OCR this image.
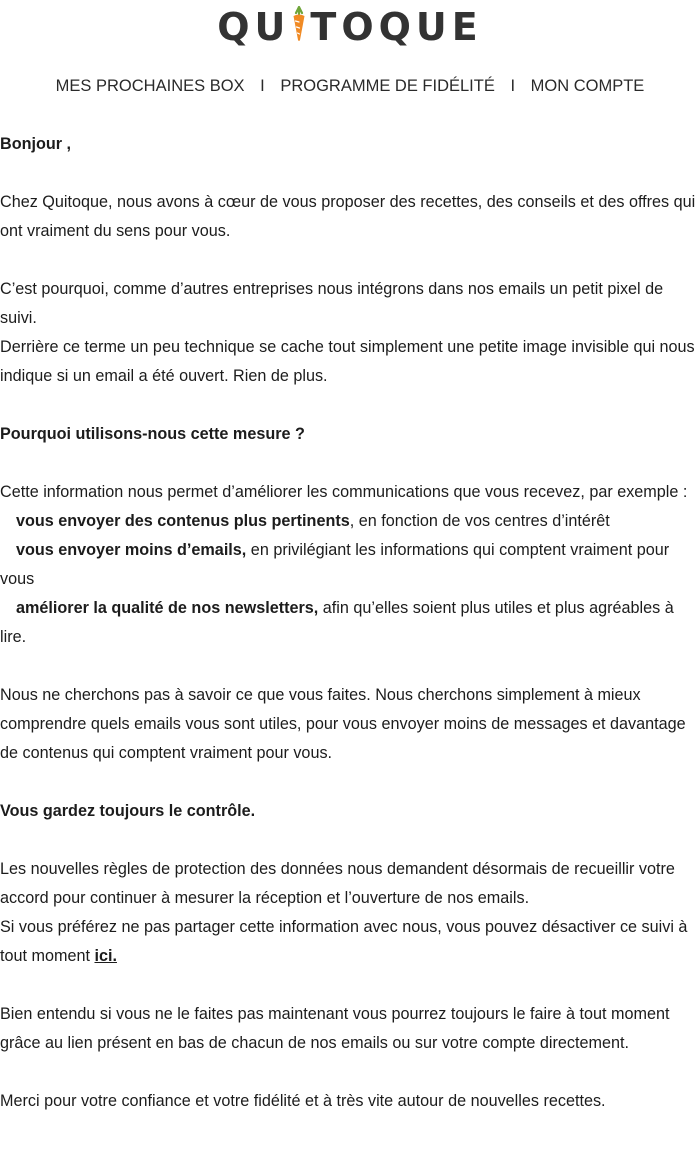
QU TOQUE
MES PROCHAINES BOX I PROGRAMME DE FIDÉLITÉ I MON COMPTE

Bonjour ,

Chez Quitoque, nous avons à cœur de vous proposer des recettes, des conseils et des offres qui ont vraiment du sens pour vous.

C’est pourquoi, comme d’autres entreprises nous intégrons dans nos emails un petit pixel de suivi.

Derrière ce terme un peu technique se cache tout simplement une petite image invisible qui nous indique si un email a été ouvert. Rien de plus.

Pourquoi utilisons-nous cette mesure ?

Cette information nous permet d’améliorer les communications que vous recevez, par exemple :

vous envoyer des contenus plus pertinents, en fonction de vos centres d’intérêt
vous envoyer moins d’emails, en privilégiant les informations qui comptent vraiment pour vous
améliorer la qualité de nos newsletters, afin qu’elles soient plus utiles et plus agréables à lire.

Nous ne cherchons pas à savoir ce que vous faites. Nous cherchons simplement à mieux comprendre quels emails vous sont utiles, pour vous envoyer moins de messages et davantage de contenus qui comptent vraiment pour vous.

Vous gardez toujours le contrôle.

Les nouvelles règles de protection des données nous demandent désormais de recueillir votre accord pour continuer à mesurer la réception et l’ouverture de nos emails.

Si vous préférez ne pas partager cette information avec nous, vous pouvez désactiver ce suivi à tout moment ici.

Bien entendu si vous ne le faites pas maintenant vous pourrez toujours le faire à tout moment grâce au lien présent en bas de chacun de nos emails ou sur votre compte directement.

Merci pour votre confiance et votre fidélité et à très vite autour de nouvelles recettes.
